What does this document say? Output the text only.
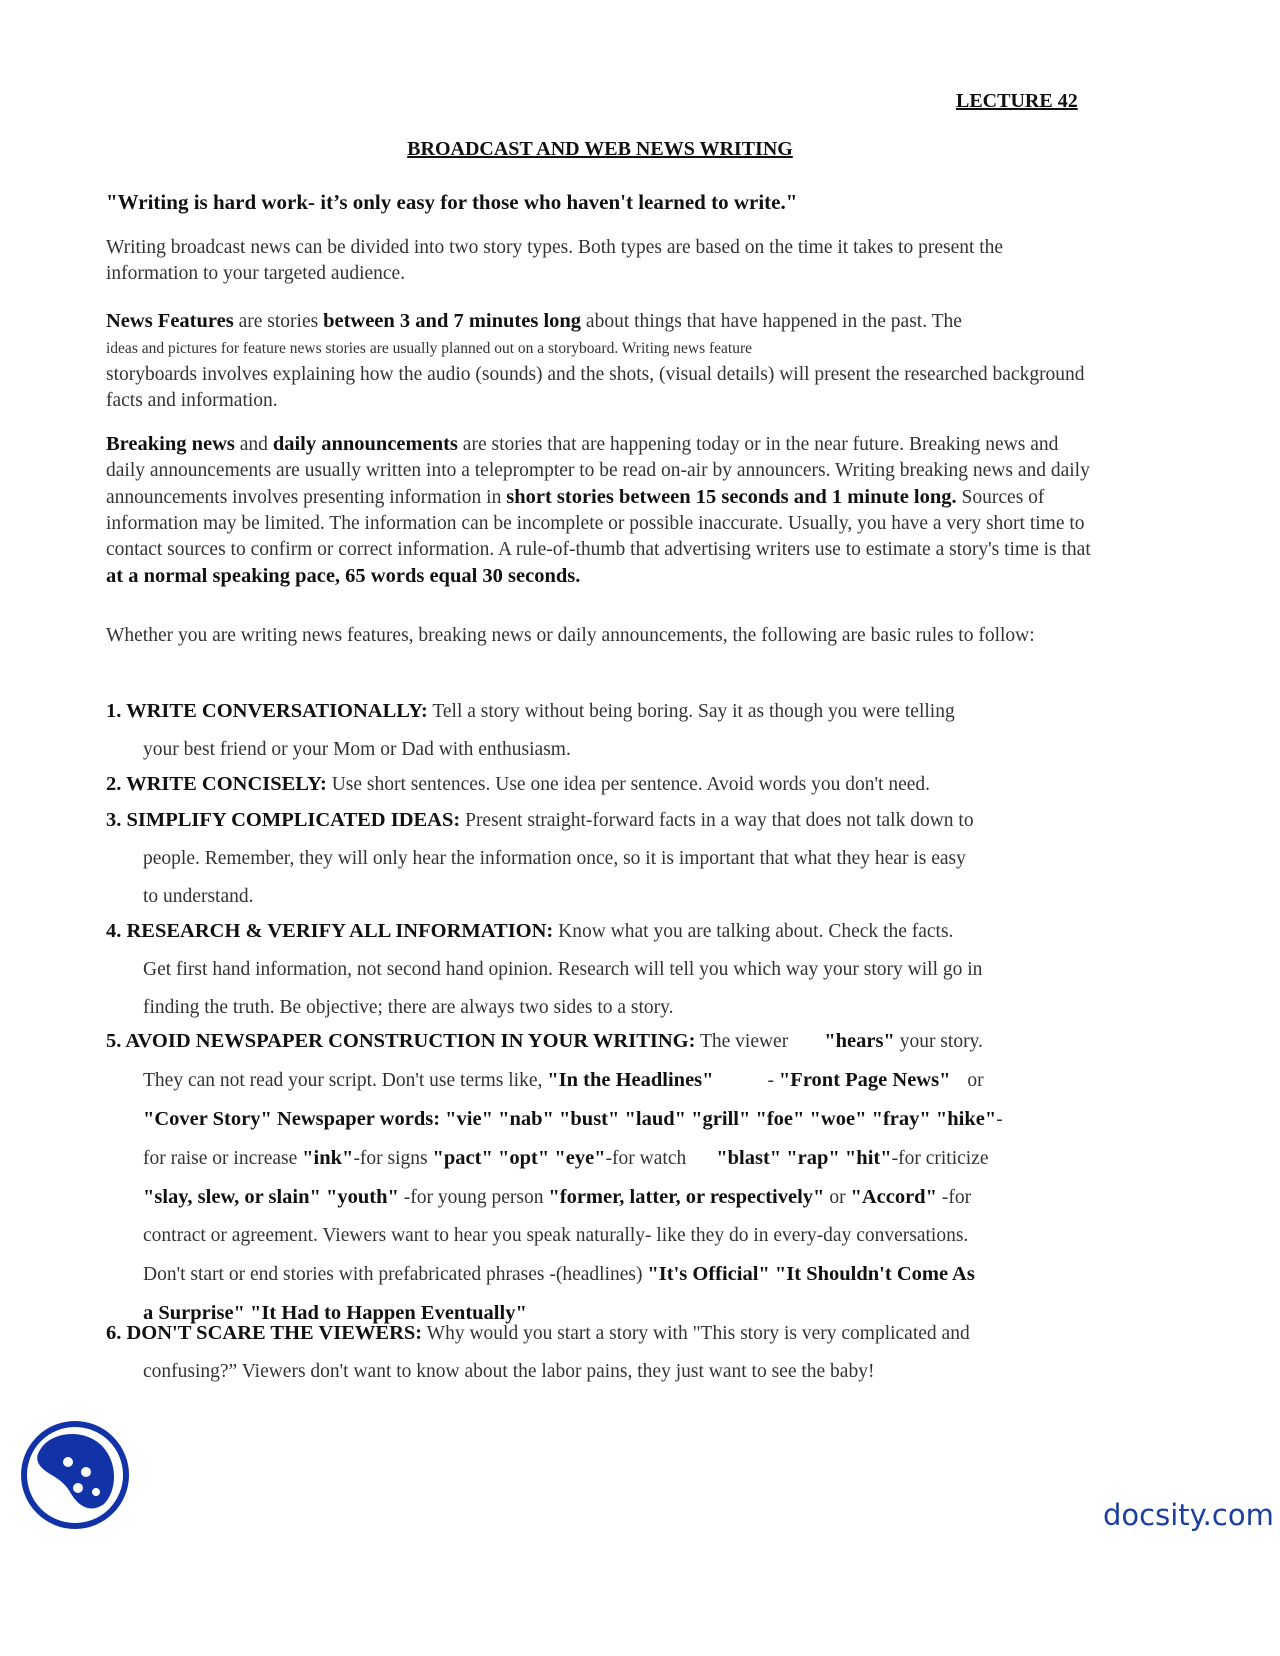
LECTURE 42
BROADCAST AND WEB NEWS WRITING
"Writing is hard work- it’s only easy for those who haven't learned to write."
Writing broadcast news can be divided into two story types. Both types are based on the time it takes to present the information to your targeted audience.
News Features are stories between 3 and 7 minutes long about things that have happened in the past. The
ideas and pictures for feature news stories are usually planned out on a storyboard. Writing news feature
storyboards involves explaining how the audio (sounds) and the shots, (visual details) will present the researched background facts and information.
Breaking news and daily announcements are stories that are happening today or in the near future. Breaking news and daily announcements are usually written into a teleprompter to be read on-air by announcers. Writing breaking news and daily announcements involves presenting information in short stories between 15 seconds and 1 minute long. Sources of information may be limited. The information can be incomplete or possible inaccurate. Usually, you have a very short time to contact sources to confirm or correct information. A rule-of-thumb that advertising writers use to estimate a story's time is that at a normal speaking pace, 65 words equal 30 seconds.
Whether you are writing news features, breaking news or daily announcements, the following are basic rules to follow:
1. WRITE CONVERSATIONALLY: Tell a story without being boring. Say it as though you were telling
your best friend or your Mom or Dad with enthusiasm.
2. WRITE CONCISELY: Use short sentences. Use one idea per sentence. Avoid words you don't need.
3. SIMPLIFY COMPLICATED IDEAS: Present straight-forward facts in a way that does not talk down to
people. Remember, they will only hear the information once, so it is important that what they hear is easy
to understand.
4. RESEARCH & VERIFY ALL INFORMATION: Know what you are talking about. Check the facts.
Get first hand information, not second hand opinion. Research will tell you which way your story will go in
finding the truth. Be objective; there are always two sides to a story.
5. AVOID NEWSPAPER CONSTRUCTION IN YOUR WRITING: The viewer "hears" your story.
They can not read your script. Don't use terms like, "In the Headlines"	- "Front Page News" or
"Cover Story" Newspaper words: "vie" "nab" "bust" "laud" "grill" "foe" "woe" "fray" "hike"-
for raise or increase "ink"-for signs "pact" "opt" "eye"-for watch "blast" "rap" "hit"-for criticize
"slay, slew, or slain" "youth" -for young person "former, latter, or respectively" or "Accord" -for
contract or agreement. Viewers want to hear you speak naturally- like they do in every-day conversations.
Don't start or end stories with prefabricated phrases -(headlines) "It's Official" "It Shouldn't Come As
a Surprise" "It Had to Happen Eventually"
6. DON'T SCARE THE VIEWERS: Why would you start a story with "This story is very complicated and
confusing?” Viewers don't want to know about the labor pains, they just want to see the baby!
docsity.com
